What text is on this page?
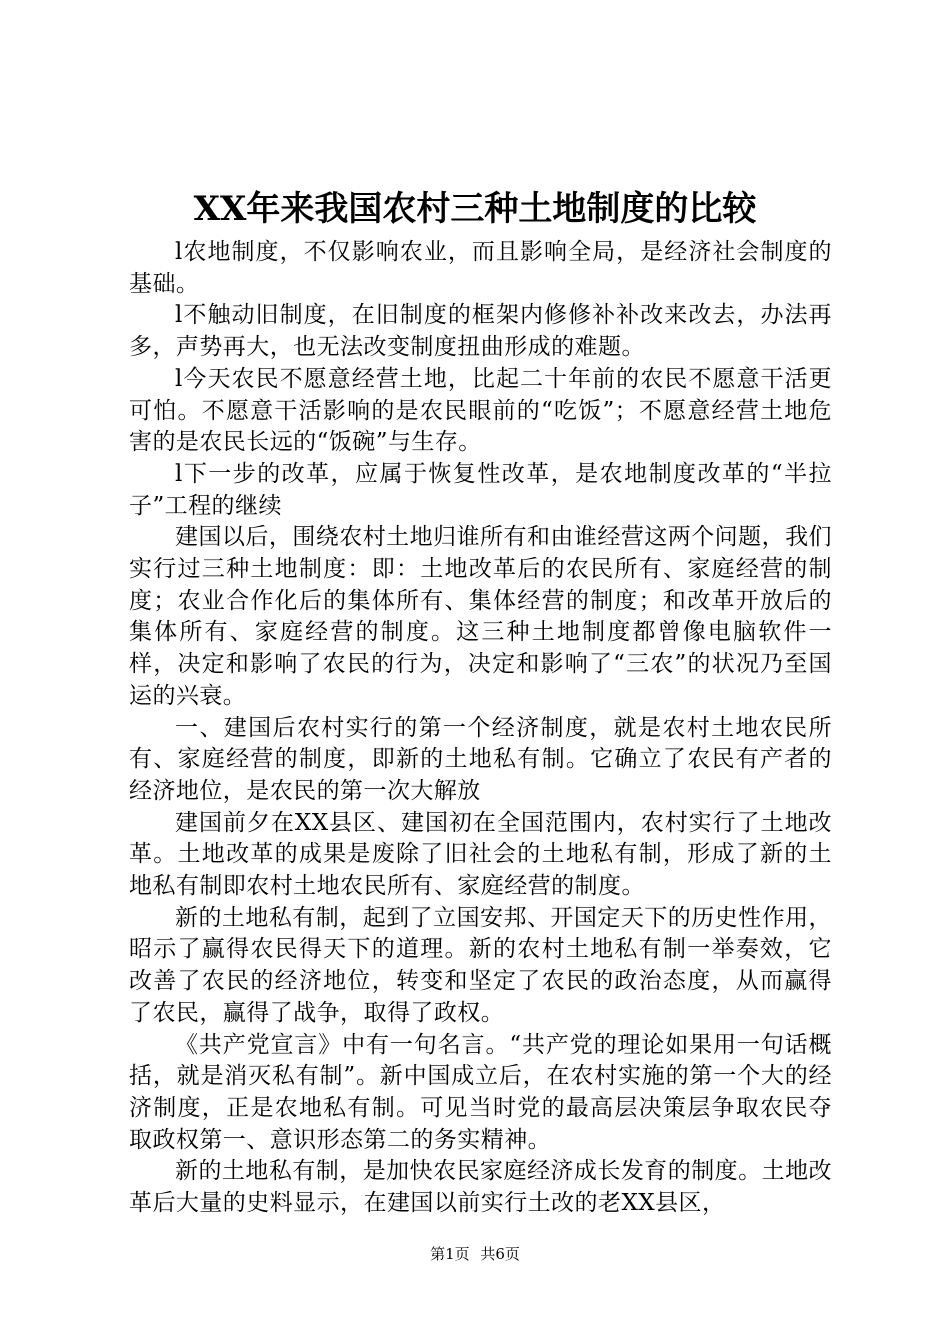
XX年来我国农村三种土地制度的比较

l农地制度，不仅影响农业，而且影响全局，是经济社会制度的基础。

l不触动旧制度，在旧制度的框架内修修补补改来改去，办法再多，声势再大，也无法改变制度扭曲形成的难题。

l今天农民不愿意经营土地，比起二十年前的农民不愿意干活更可怕。不愿意干活影响的是农民眼前的“吃饭”；不愿意经营土地危害的是农民长远的“饭碗”与生存。

l下一步的改革，应属于恢复性改革，是农地制度改革的“半拉子”工程的继续

建国以后，围绕农村土地归谁所有和由谁经营这两个问题，我们实行过三种土地制度：即：土地改革后的农民所有、家庭经营的制度；农业合作化后的集体所有、集体经营的制度；和改革开放后的集体所有、家庭经营的制度。这三种土地制度都曾像电脑软件一样，决定和影响了农民的行为，决定和影响了“三农”的状况乃至国运的兴衰。

一、建国后农村实行的第一个经济制度，就是农村土地农民所有、家庭经营的制度，即新的土地私有制。它确立了农民有产者的经济地位，是农民的第一次大解放

建国前夕在XX县区、建国初在全国范围内，农村实行了土地改革。土地改革的成果是废除了旧社会的土地私有制，形成了新的土地私有制即农村土地农民所有、家庭经营的制度。

新的土地私有制，起到了立国安邦、开国定天下的历史性作用，昭示了赢得农民得天下的道理。新的农村土地私有制一举奏效，它改善了农民的经济地位，转变和坚定了农民的政治态度，从而赢得了农民，赢得了战争，取得了政权。

《共产党宣言》中有一句名言。“共产党的理论如果用一句话概括，就是消灭私有制”。新中国成立后，在农村实施的第一个大的经济制度，正是农地私有制。可见当时党的最高层决策层争取农民夺取政权第一、意识形态第二的务实精神。

新的土地私有制，是加快农民家庭经济成长发育的制度。土地改革后大量的史料显示，在建国以前实行土改的老XX县区，

第1页 共6页
